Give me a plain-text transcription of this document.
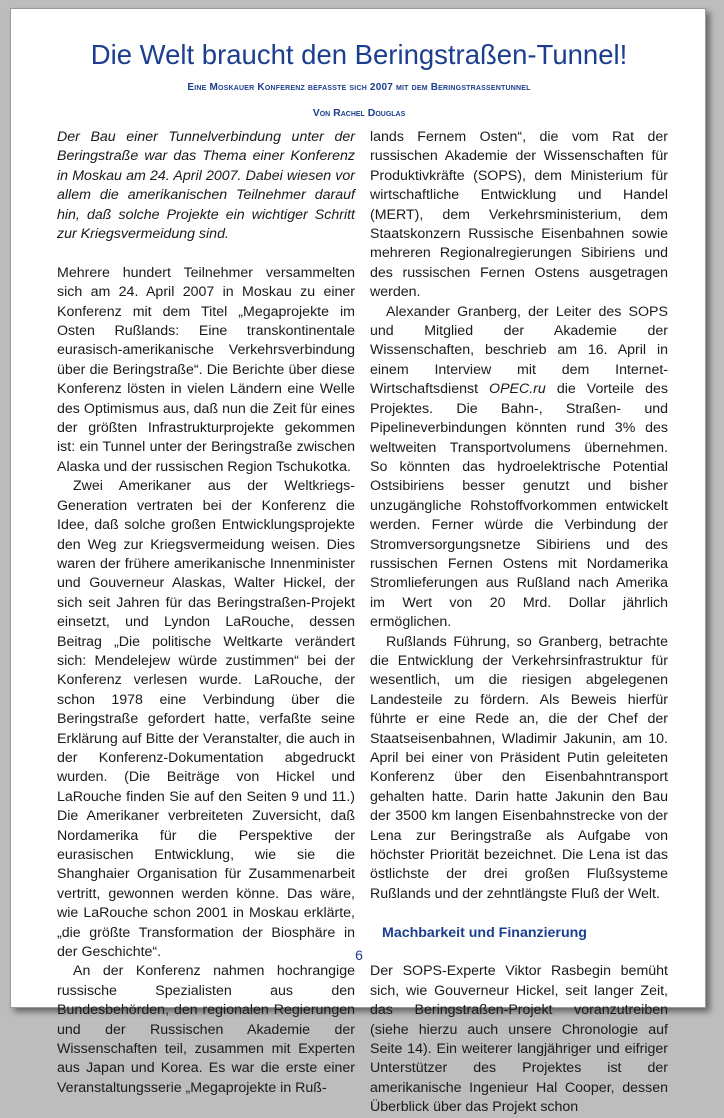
Die Welt braucht den Beringstraßen-Tunnel!
Eine Moskauer Konferenz befasste sich 2007 mit dem Beringstrassentunnel
Von Rachel Douglas

Der Bau einer Tunnelverbindung unter der Beringstraße war das Thema einer Konferenz in Moskau am 24. April 2007. Dabei wiesen vor allem die amerikanischen Teilnehmer darauf hin, daß solche Projekte ein wichtiger Schritt zur Kriegsvermeidung sind.

Mehrere hundert Teilnehmer versammelten sich am 24. April 2007 in Moskau zu einer Konferenz mit dem Titel „Megaprojekte im Osten Rußlands: Eine transkontinentale eurasisch-amerikanische Verkehrsverbindung über die Beringstraße“. Die Berichte über diese Konferenz lösten in vielen Ländern eine Welle des Optimismus aus, daß nun die Zeit für eines der größten Infrastrukturprojekte gekommen ist: ein Tunnel unter der Beringstraße zwischen Alaska und der russischen Region Tschukotka.

Zwei Amerikaner aus der Weltkriegs-Generation vertraten bei der Konferenz die Idee, daß solche großen Entwicklungsprojekte den Weg zur Kriegsvermeidung weisen. Dies waren der frühere amerikanische Innenminister und Gouverneur Alaskas, Walter Hickel, der sich seit Jahren für das Beringstraßen-Projekt einsetzt, und Lyndon LaRouche, dessen Beitrag „Die politische Weltkarte verändert sich: Mendelejew würde zustimmen“ bei der Konferenz verlesen wurde. LaRouche, der schon 1978 eine Verbindung über die Beringstraße gefordert hatte, verfaßte seine Erklärung auf Bitte der Veranstalter, die auch in der Konferenz-Dokumentation abgedruckt wurden. (Die Beiträge von Hickel und LaRouche finden Sie auf den Seiten 9 und 11.) Die Amerikaner verbreiteten Zuversicht, daß Nordamerika für die Perspektive der eurasischen Entwicklung, wie sie die Shanghaier Organisation für Zusammenarbeit vertritt, gewonnen werden könne. Das wäre, wie LaRouche schon 2001 in Moskau erklärte, „die größte Transformation der Biosphäre in der Geschichte“.

An der Konferenz nahmen hochrangige russische Spezialisten aus den Bundesbehörden, den regionalen Regierungen und der Russischen Akademie der Wissenschaften teil, zusammen mit Experten aus Japan und Korea. Es war die erste einer Veranstaltungsserie „Megaprojekte in Ruß-

lands Fernem Osten“, die vom Rat der russischen Akademie der Wissenschaften für Produktivkräfte (SOPS), dem Ministerium für wirtschaftliche Entwicklung und Handel (MERT), dem Verkehrsministerium, dem Staatskonzern Russische Eisenbahnen sowie mehreren Regionalregierungen Sibiriens und des russischen Fernen Ostens ausgetragen werden.

Alexander Granberg, der Leiter des SOPS und Mitglied der Akademie der Wissenschaften, beschrieb am 16. April in einem Interview mit dem Internet-Wirtschaftsdienst OPEC.ru die Vorteile des Projektes. Die Bahn-, Straßen- und Pipelineverbindungen könnten rund 3% des weltweiten Transportvolumens übernehmen. So könnten das hydroelektrische Potential Ostsibiriens besser genutzt und bisher unzugängliche Rohstoffvorkommen entwickelt werden. Ferner würde die Verbindung der Stromversorgungsnetze Sibiriens und des russischen Fernen Ostens mit Nordamerika Stromlieferungen aus Rußland nach Amerika im Wert von 20 Mrd. Dollar jährlich ermöglichen.

Rußlands Führung, so Granberg, betrachte die Entwicklung der Verkehrsinfrastruktur für wesentlich, um die riesigen abgelegenen Landesteile zu fördern. Als Beweis hierfür führte er eine Rede an, die der Chef der Staatseisenbahnen, Wladimir Jakunin, am 10. April bei einer von Präsident Putin geleiteten Konferenz über den Eisenbahntransport gehalten hatte. Darin hatte Jakunin den Bau der 3500 km langen Eisenbahnstrecke von der Lena zur Beringstraße als Aufgabe von höchster Priorität bezeichnet. Die Lena ist das östlichste der drei großen Flußsysteme Rußlands und der zehntlängste Fluß der Welt.

Machbarkeit und Finanzierung

Der SOPS-Experte Viktor Rasbegin bemüht sich, wie Gouverneur Hickel, seit langer Zeit, das Beringstraßen-Projekt voranzutreiben (siehe hierzu auch unsere Chronologie auf Seite 14). Ein weiterer langjähriger und eifriger Unterstützer des Projektes ist der amerikanische Ingenieur Hal Cooper, dessen Überblick über das Projekt schon

6
